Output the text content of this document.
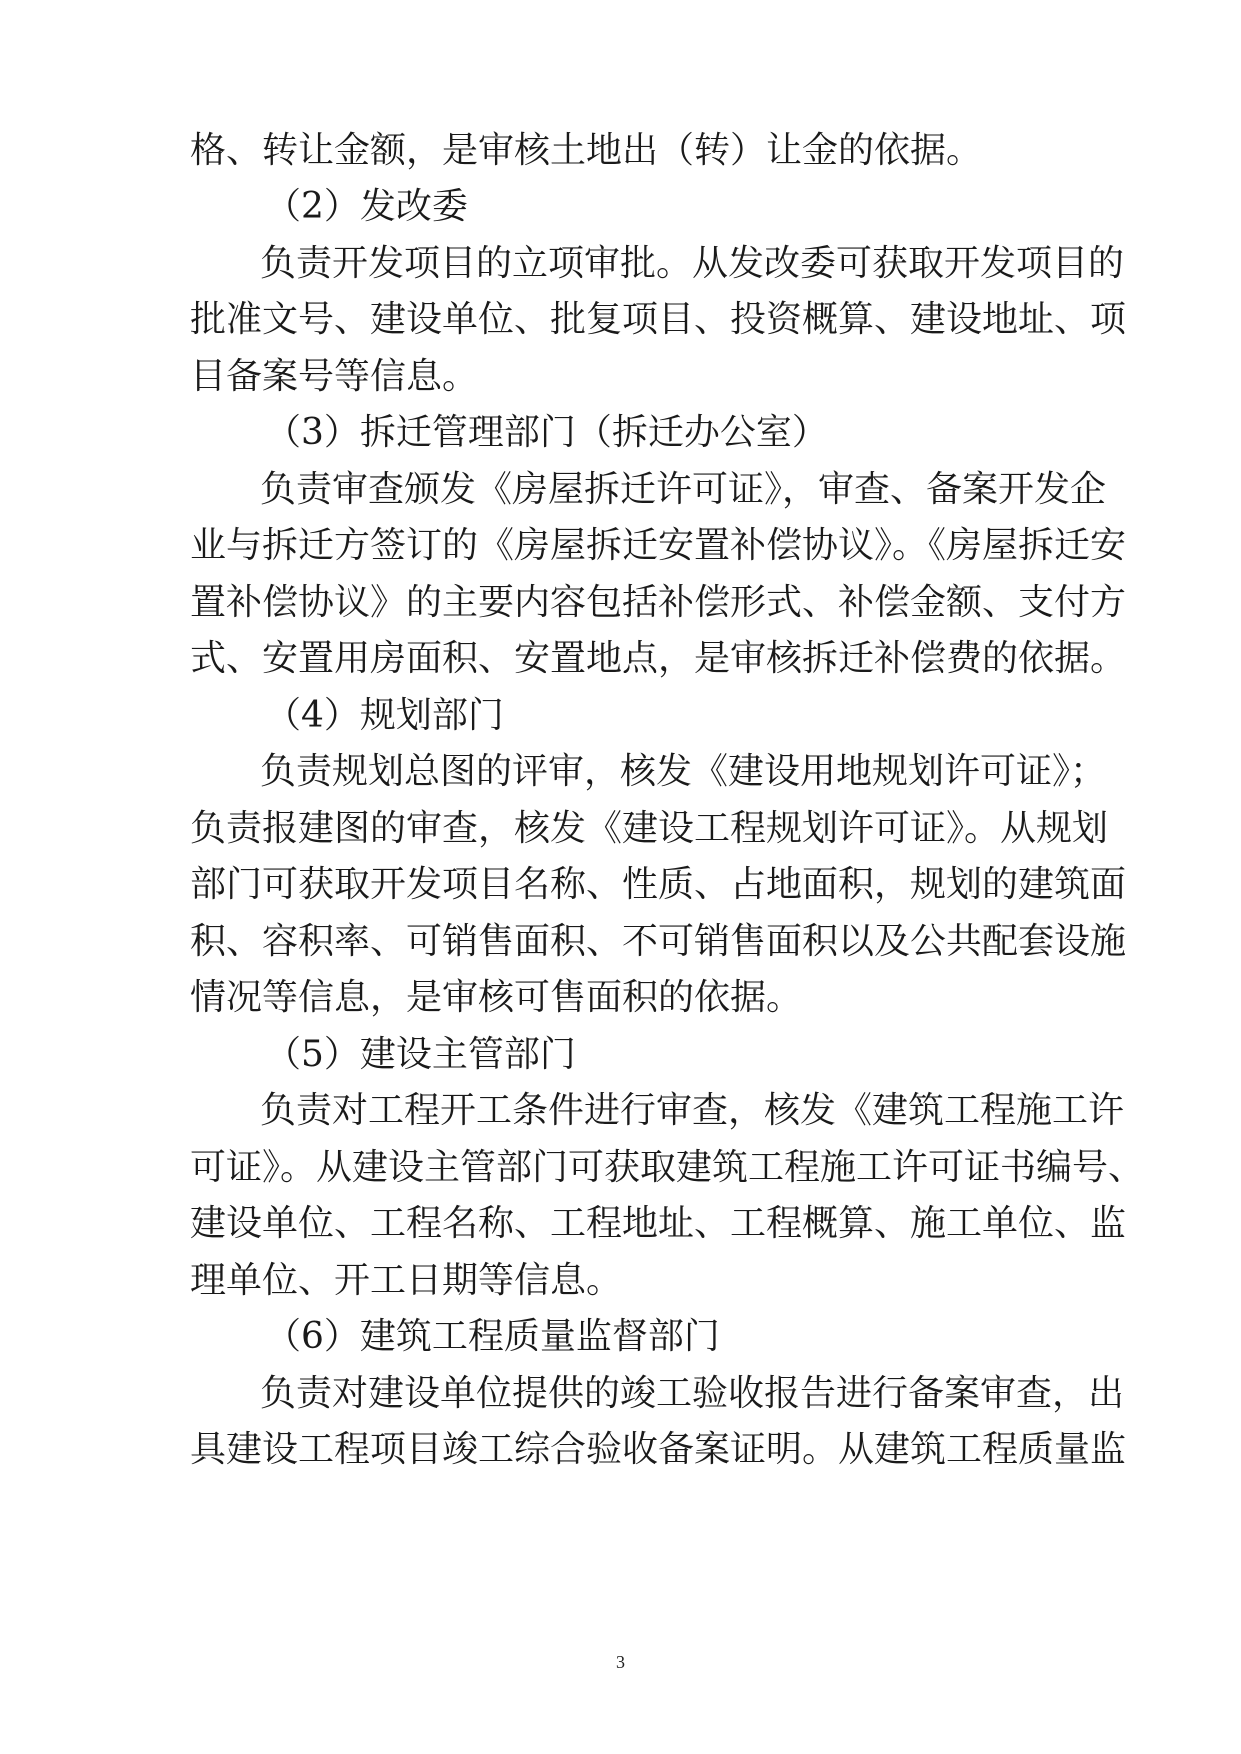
格、转让金额，是审核土地出（转）让金的依据。
（2）发改委
负责开发项目的立项审批。从发改委可获取开发项目的
批准文号、建设单位、批复项目、投资概算、建设地址、项
目备案号等信息。
（3）拆迁管理部门（拆迁办公室）
负责审查颁发《房屋拆迁许可证》，审查、备案开发企
业与拆迁方签订的《房屋拆迁安置补偿协议》。《房屋拆迁安
置补偿协议》的主要内容包括补偿形式、补偿金额、支付方
式、安置用房面积、安置地点，是审核拆迁补偿费的依据。
（4）规划部门
负责规划总图的评审，核发《建设用地规划许可证》；
负责报建图的审查，核发《建设工程规划许可证》。从规划
部门可获取开发项目名称、性质、占地面积，规划的建筑面
积、容积率、可销售面积、不可销售面积以及公共配套设施
情况等信息，是审核可售面积的依据。
（5）建设主管部门
负责对工程开工条件进行审查，核发《建筑工程施工许
可证》。从建设主管部门可获取建筑工程施工许可证书编号、
建设单位、工程名称、工程地址、工程概算、施工单位、监
理单位、开工日期等信息。
（6）建筑工程质量监督部门
负责对建设单位提供的竣工验收报告进行备案审查，出
具建设工程项目竣工综合验收备案证明。从建筑工程质量监
3
